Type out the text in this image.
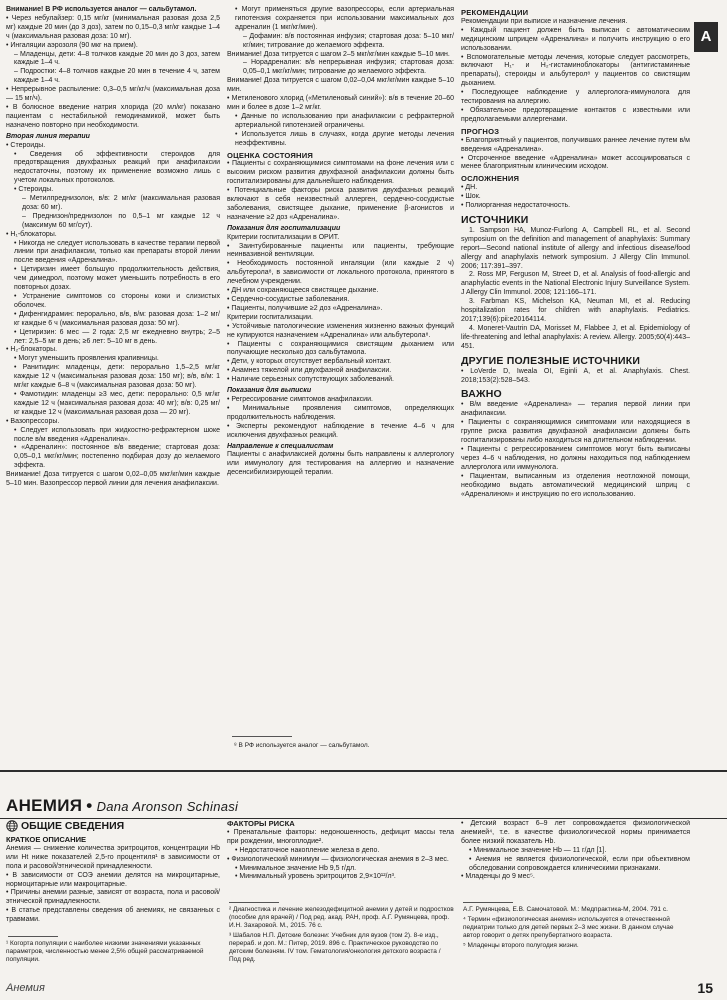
Внимание! В РФ используется аналог — сальбутамол.

• Через небулайзер: 0,15 мг/кг (минимальная разовая доза 2,5 мг) каждые 20 мин (до 3 доз), затем по 0,15–0,3 мг/кг каждые 1–4 ч (максимальная разовая доза: 10 мг).

• Ингаляции аэрозоля (90 мкг на прием).

– Младенцы, дети: 4–8 толчков каждые 20 мин до 3 доз, затем каждые 1–4 ч.

– Подростки: 4–8 толчков каждые 20 мин в течение 4 ч, затем каждые 1–4 ч.

• Непрерывное распыление: 0,3–0,5 мг/кг/ч (максимальная доза — 15 мг/ч).

• В болюсное введение натрия хлорида (20 мл/кг) показано пациентам с нестабильной гемодинамикой, может быть назначено повторно при необходимости.

Вторая линия терапии

• Стероиды.

• Сведения об эффективности стероидов для предотвращения двухфазных реакций при анафилаксии недостаточны, поэтому их применение возможно лишь с учетом локальных протоколов.

• Стероиды.

– Метилпреднизолон, в/в: 2 мг/кг (максимальная разовая доза: 60 мг).

– Преднизон/преднизолон по 0,5–1 мг каждые 12 ч (максимум 60 мг/сут).

• H₁-блокаторы.

• Никогда не следует использовать в качестве терапии первой линии при анафилаксии, только как препараты второй линии после введения «Адреналина».

• Цетиризин имеет большую продолжительность действия, чем димедрол, поэтому может уменьшить потребность в его повторных дозах.

• Устранение симптомов со стороны кожи и слизистых оболочек.

• Дифенгидрамин: перорально, в/в, в/м: разовая доза: 1–2 мг/кг каждые 6 ч (максимальная разовая доза: 50 мг).

• Цетиризин: 6 мес — 2 года: 2,5 мг ежедневно внутрь; 2–5 лет: 2,5–5 мг в день; ≥6 лет: 5–10 мг в день.

• H₂-блокаторы.

• Могут уменьшить проявления крапивницы.

• Ранитидин: младенцы, дети: перорально 1,5–2,5 мг/кг каждые 12 ч (максимальная разовая доза: 150 мг); в/в, в/м: 1 мг/кг каждые 6–8 ч (максимальная разовая доза: 50 мг).

• Фамотидин: младенцы ≥3 мес, дети: перорально: 0,5 мг/кг каждые 12 ч (максимальная разовая доза: 40 мг); в/в: 0,25 мг/кг каждые 12 ч (максимальная разовая доза — 20 мг).

• Вазопрессоры.

• Следует использовать при жидкостно-рефрактерном шоке после в/м введения «Адреналина».

• «Адреналин»: постоянное в/в введение; стартовая доза: 0,05–0,1 мкг/кг/мин; постепенно подбирая дозу до желаемого эффекта.

Внимание! Доза титруется с шагом 0,02–0,05 мкг/кг/мин каждые 5–10 мин. Вазопрессор первой линии для лечения анафилаксии.

• Могут применяться другие вазопрессоры, если артериальная гипотензия сохраняется при использовании максимальных доз адреналин (1 мкг/кг/мин).

– Дофамин: в/в постоянная инфузия; стартовая доза: 5–10 мкг/кг/мин; титрование до желаемого эффекта.

Внимание! Доза титруется с шагом 2–5 мкг/кг/мин каждые 5–10 мин.

– Норадреналин: в/в непрерывная инфузия; стартовая доза: 0,05–0,1 мкг/кг/мин; титрование до желаемого эффекта.

Внимание! Доза титруется с шагом 0,02–0,04 мкг/кг/мин каждые 5–10 мин.

• Метиленового хлорид («Метиленовый синий»): в/в в течение 20–60 мин и более в дозе 1–2 мг/кг.

• Данные по использованию при анафилаксии с рефрактерной артериальной гипотензией ограничены.

• Используется лишь в случаях, когда другие методы лечения неэффективны.

ОЦЕНКА СОСТОЯНИЯ

• Пациенты с сохраняющимися симптомами на фоне лечения или с высоким риском развития двухфазной анафилаксии должны быть госпитализированы для дальнейшего наблюдения.

• Потенциальные факторы риска развития двухфазных реакций включают в себя неизвестный аллерген, сердечно-сосудистые заболевания, свистящее дыхание, применение β-агонистов и назначение ≥2 доз «Адреналина».

Показания для госпитализации

Критерии госпитализации в ОРИТ.

• Заинтубированные пациенты или пациенты, требующие неинвазивной вентиляции.

• Необходимость постоянной ингаляции (или каждые 2 ч) альбутерола⁸, в зависимости от локального протокола, принятого в лечебном учреждении.

• ДН или сохраняющееся свистящее дыхание.

• Сердечно-сосудистые заболевания.

• Пациенты, получившие ≥2 доз «Адреналина».

Критерии госпитализации.

• Устойчивые патологические изменения жизненно важных функций не купируются назначением «Адреналина» или альбутерола⁸.

• Пациенты с сохраняющимися свистящим дыханием или получающие несколько доз сальбутамола.

• Дети, у которых отсутствует вербальный контакт.

• Анамнез тяжелой или двухфазной анафилаксии.

• Наличие серьезных сопутствующих заболеваний.

Показания для выписки

• Регрессирование симптомов анафилаксии.

• Минимальные проявления симптомов, определяющих продолжительность наблюдения.

• Эксперты рекомендуют наблюдение в течение 4–6 ч для исключения двухфазных реакций.

Направление к специалистам

Пациенты с анафилаксией должны быть направлены к аллергологу или иммунологу для тестирования на аллергию и назначение десенсибилизирующей терапии.

РЕКОМЕНДАЦИИ

Рекомендации при выписке и назначение лечения.

• Каждый пациент должен быть выписан с автоматическим медицинским шприцем «Адреналина» и получить инструкцию о его использовании.

• Вспомогательные методы лечения, которые следует рассмотреть, включают H₁- и H₂-гистаминоблокаторы (антигистаминные препараты), стероиды и альбутерол⁸ у пациентов со свистящим дыханием.

• Последующее наблюдение у аллерголога-иммунолога для тестирования на аллергию.

• Обязательное предотвращение контактов с известными или предполагаемыми аллергенами.

ПРОГНОЗ

• Благоприятный у пациентов, получивших раннее лечение путем в/м введения «Адреналина».

• Отсроченное введение «Адреналина» может ассоциироваться с менее благоприятным клиническим исходом.

ОСЛОЖНЕНИЯ

• ДН.

• Шок.

• Полиорганная недостаточность.

ИСТОЧНИКИ

1. Sampson HA, Munoz-Furlong A, Campbell RL, et al. Second symposium on the definition and management of anaphylaxis: Summary report—Second national institute of allergy and infectious disease/food allergy and anaphylaxis network symposium. J Allergy Clin Immunol. 2006; 117:391–397.

2. Ross MP, Ferguson M, Street D, et al. Analysis of food-allergic and anaphylactic events in the National Electronic Injury Surveillance System. J Allergy Clin Immunol. 2008; 121:166–171.

3. Farbman KS, Michelson KA, Neuman MI, et al. Reducing hospitalization rates for children with anaphylaxis. Pediatrics. 2017;139(6):pii:e20164114.

4. Moneret-Vautrin DA, Morisset M, Flabbee J, et al. Epidemiology of life-threatening and lethal anaphylaxis: A review. Allergy. 2005;60(4):443–451.

ДРУГИЕ ПОЛЕЗНЫЕ ИСТОЧНИКИ

• LoVerde D, Iweala OI, Eginli A, et al. Anaphylaxis. Chest. 2018;153(2):528–543.

ВАЖНО

• В/м введение «Адреналина» — терапия первой линии при анафилаксии.

• Пациенты с сохраняющимися симптомами или находящиеся в группе риска развития двухфазной анафилаксии должны быть госпитализированы либо находиться на длительном наблюдении.

• Пациенты с регрессированием симптомов могут быть выписаны через 4–6 ч наблюдения, но должны находиться под наблюдением аллерголога или иммунолога.

• Пациентам, выписанным из отделения неотложной помощи, необходимо выдать автоматический медицинский шприц с «Адреналином» и инструкцию по его использованию.

⁸ В РФ используется аналог — сальбутамол.
А
АНЕМИЯ • Dana Aronson Schinasi
ОБЩИЕ СВЕДЕНИЯ

КРАТКОЕ ОПИСАНИЕ

Анемия — снижение количества эритроцитов, концентрации Hb или Ht ниже показателей 2,5-го процентиля¹ в зависимости от пола и расовой/этнической принадлежности.

• В зависимости от СОЭ анемии делятся на микроцитарные, нормоцитарные или макроцитарные.

• Причины анемии разные, зависят от возраста, пола и расовой/этнической принадлежности.

• В статье представлены сведения об анемиях, не связанных с травмами.

¹ Когорта популяции с наиболее низкими значениями указанных параметров, численностью менее 2,5% общей рассматриваемой популяции.

ФАКТОРЫ РИСКА

• Пренатальные факторы: недоношенность, дефицит массы тела при рождении, многоплодие².

• Недостаточное накопление железа в депо.

• Физиологический минимум — физиологическая анемия в 2–3 мес.

• Минимальное значение Hb 9,5 г/дл.

• Минимальный уровень эритроцитов 2,9×10¹²/л³.

² Диагностика и лечение железодефицитной анемии у детей и подростков (пособие для врачей) / Под ред. акад. РАН, проф. А.Г. Румянцева, проф. И.Н. Захаровой. М., 2015. 76 с.

³ Шабалов Н.П. Детские болезни: Учебник для вузов (том 2). 8-е изд., перераб. и доп. М.: Питер, 2019. 896 с. Практическое руководство по детским болезням. IV том. Гематология/онкология детского возраста / Под ред.

• Детский возраст 6–9 лет сопровождается физиологической анемией⁴, т.е. в качестве физиологической нормы принимается более низкий показатель Hb.

• Минимальное значение Hb — 11 г/дл [1].

• Анемия не является физиологической, если при объективном обследовании сопровождается клиническими признаками.

• Младенцы до 9 мес⁵.

А.Г. Румянцева, Е.В. Самочатовой. М.: Медпрактика-М, 2004. 791 с.

⁴ Термин «физиологическая анемия» используется в отечественной педиатрии только для детей первых 2–3 мес жизни. В данном случае автор говорит о детях препубертатного возраста.

⁵ Младенцы второго полугодия жизни.

Анемия	15
